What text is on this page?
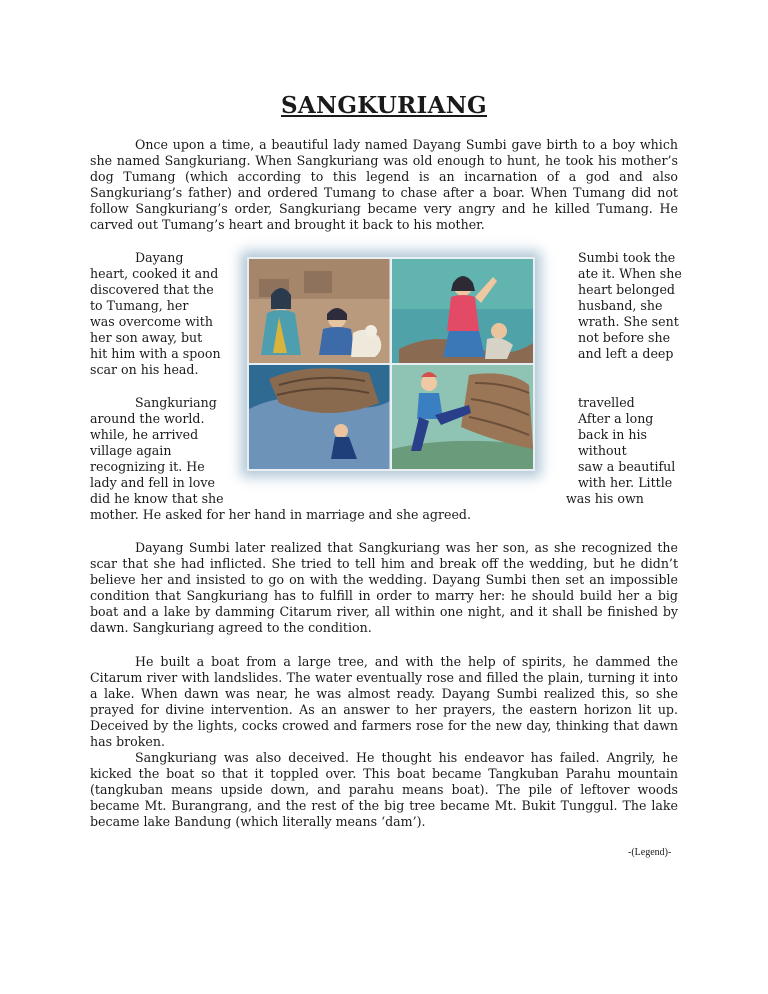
SANGKURIANG

Once upon a time, a beautiful lady named Dayang Sumbi gave birth to a boy which she named Sangkuriang. When Sangkuriang was old enough to hunt, he took his mother’s dog Tumang (which according to this legend is an incarnation of a god and also Sangkuriang’s father) and ordered Tumang to chase after a boar. When Tumang did not follow Sangkuriang’s order, Sangkuriang became very angry and he killed Tumang. He carved out Tumang’s heart and brought it back to his mother.

Dayang
heart, cooked it and
discovered that the
to Tumang, her
was overcome with
her son away, but
hit him with a spoon
Sumbi took the
ate it. When she
heart belonged
husband, she
wrath. She sent
not before she
and left a deep
scar on his head.
Sangkuriang
around the world.
while, he arrived
village again
recognizing it. He
lady and fell in love
did he know that she
travelled
After a long
back in his
without
saw a beautiful
with her. Little
was his own
mother. He asked for her hand in marriage and she agreed.

Dayang Sumbi later realized that Sangkuriang was her son, as she recognized the scar that she had inflicted. She tried to tell him and break off the wedding, but he didn’t believe her and insisted to go on with the wedding. Dayang Sumbi then set an impossible condition that Sangkuriang has to fulfill in order to marry her: he should build her a big boat and a lake by damming Citarum river, all within one night, and it shall be finished by dawn. Sangkuriang agreed to the condition.

He built a boat from a large tree, and with the help of spirits, he dammed the Citarum river with landslides. The water eventually rose and filled the plain, turning it into a lake. When dawn was near, he was almost ready. Dayang Sumbi realized this, so she prayed for divine intervention. As an answer to her prayers, the eastern horizon lit up. Deceived by the lights, cocks crowed and farmers rose for the new day, thinking that dawn has broken.

Sangkuriang was also deceived. He thought his endeavor has failed. Angrily, he kicked the boat so that it toppled over. This boat became Tangkuban Parahu mountain (tangkuban means upside down, and parahu means boat). The pile of leftover woods became Mt. Burangrang, and the rest of the big tree became Mt. Bukit Tunggul. The lake became lake Bandung (which literally means ‘dam’).

-(Legend)-
